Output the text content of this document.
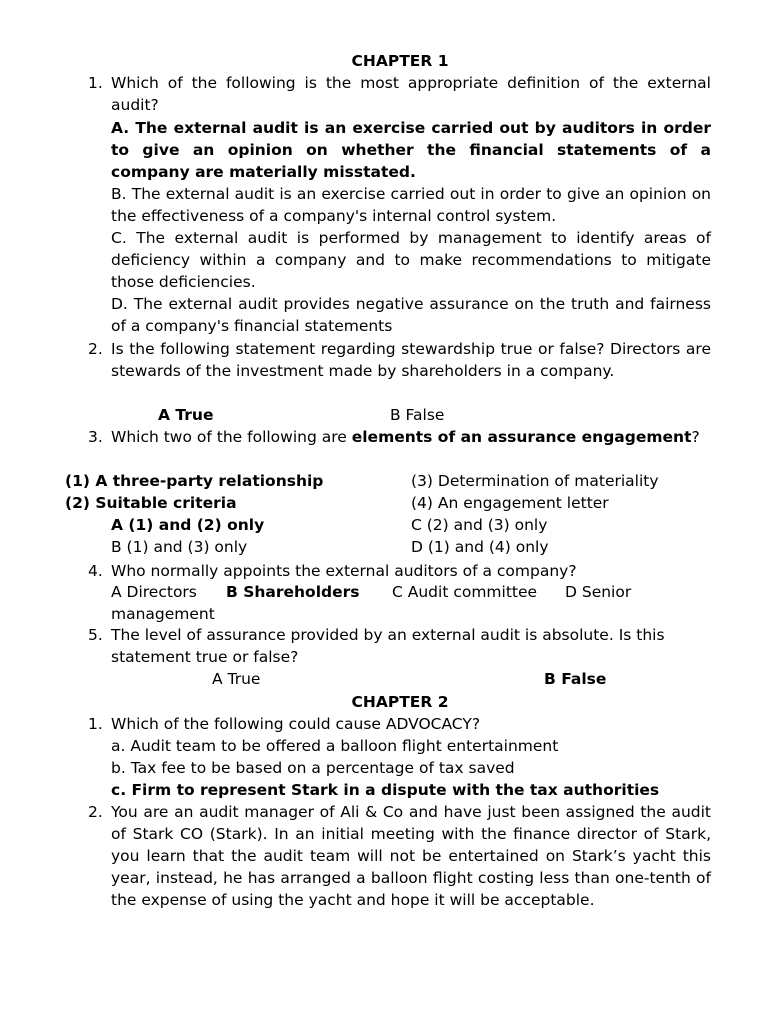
CHAPTER 1
1. Which of the following is the most appropriate definition of the external audit?
A. The external audit is an exercise carried out by auditors in order to give an opinion on whether the financial statements of a company are materially misstated.
B. The external audit is an exercise carried out in order to give an opinion on the effectiveness of a company's internal control system.
C. The external audit is performed by management to identify areas of deficiency within a company and to make recommendations to mitigate those deficiencies.
D. The external audit provides negative assurance on the truth and fairness of a company's financial statements
2. Is the following statement regarding stewardship true or false? Directors are stewards of the investment made by shareholders in a company.
A True	B False
3. Which two of the following are elements of an assurance engagement?
(1) A three-party relationship	(3) Determination of materiality
(2) Suitable criteria	(4) An engagement letter
A (1) and (2) only	C (2) and (3) only
B (1) and (3) only	D (1) and (4) only
4. Who normally appoints the external auditors of a company?
A Directors B Shareholders C Audit committee D Senior
management
5. The level of assurance provided by an external audit is absolute. Is this statement true or false?
A True	B False
CHAPTER 2
1. Which of the following could cause ADVOCACY?
a. Audit team to be offered a balloon flight entertainment
b. Tax fee to be based on a percentage of tax saved
c. Firm to represent Stark in a dispute with the tax authorities
2. You are an audit manager of Ali & Co and have just been assigned the audit of Stark CO (Stark). In an initial meeting with the finance director of Stark, you learn that the audit team will not be entertained on Stark’s yacht this year, instead, he has arranged a balloon flight costing less than one-tenth of the expense of using the yacht and hope it will be acceptable.
